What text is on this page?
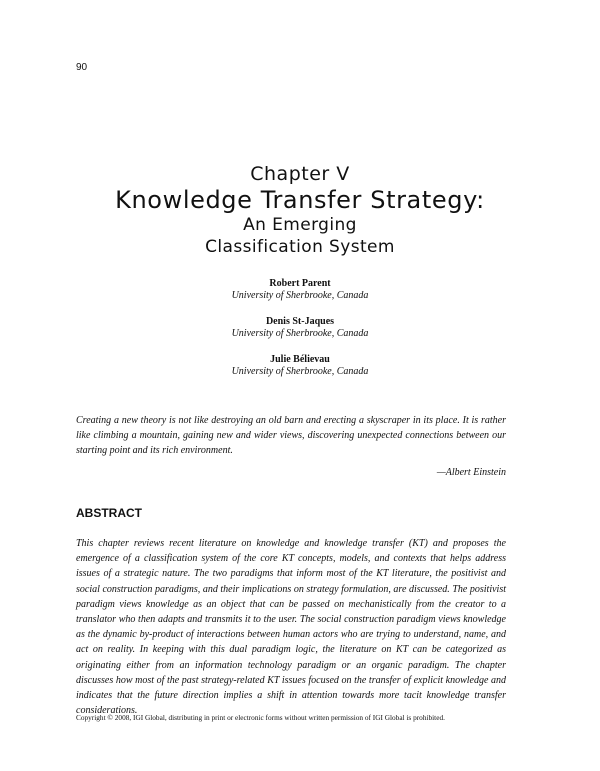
90
Chapter V
Knowledge Transfer Strategy:
An Emerging
Classification System
Robert Parent
University of Sherbrooke, Canada
Denis St-Jaques
University of Sherbrooke, Canada
Julie Bélievau
University of Sherbrooke, Canada
Creating a new theory is not like destroying an old barn and erecting a skyscraper in its place. It is rather like climbing a mountain, gaining new and wider views, discovering unexpected connections between our starting point and its rich environment.
—Albert Einstein
ABSTRACT
This chapter reviews recent literature on knowledge and knowledge transfer (KT) and proposes the emergence of a classification system of the core KT concepts, models, and contexts that helps address issues of a strategic nature. The two paradigms that inform most of the KT literature, the positivist and social construction paradigms, and their implications on strategy formulation, are discussed. The positivist paradigm views knowledge as an object that can be passed on mechanistically from the creator to a translator who then adapts and transmits it to the user. The social construction paradigm views knowledge as the dynamic by-product of interactions between human actors who are trying to understand, name, and act on reality. In keeping with this dual paradigm logic, the literature on KT can be categorized as originating either from an information technology paradigm or an organic paradigm. The chapter discusses how most of the past strategy-related KT issues focused on the transfer of explicit knowledge and indicates that the future direction implies a shift in attention towards more tacit knowledge transfer considerations.
Copyright © 2008, IGI Global, distributing in print or electronic forms without written permission of IGI Global is prohibited.
